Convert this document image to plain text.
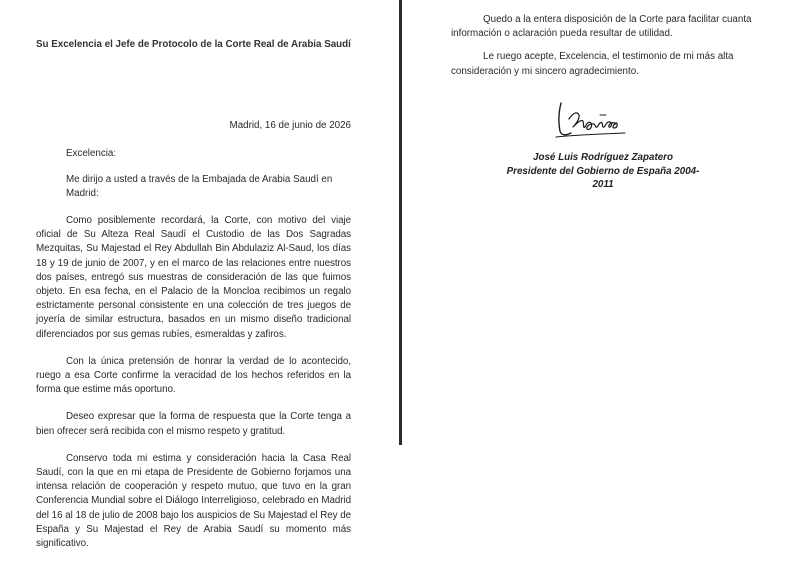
Su Excelencia el Jefe de Protocolo de la Corte Real de Arabia Saudí
Madrid, 16 de junio de 2026
Excelencia:
Me dirijo a usted a través de la Embajada de Arabia Saudí en Madrid:

Como posiblemente recordará, la Corte, con motivo del viaje oficial de Su Alteza Real Saudí el Custodio de las Dos Sagradas Mezquitas, Su Majestad el Rey Abdullah Bin Abdulaziz Al-Saud, los días 18 y 19 de junio de 2007, y en el marco de las relaciones entre nuestros dos países, entregó sus muestras de consideración de las que fuimos objeto. En esa fecha, en el Palacio de la Moncloa recibimos un regalo estrictamente personal consistente en una colección de tres juegos de joyería de similar estructura, basados en un mismo diseño tradicional diferenciados por sus gemas rubíes, esmeraldas y zafiros.

Con la única pretensión de honrar la verdad de lo acontecido, ruego a esa Corte confirme la veracidad de los hechos referidos en la forma que estime más oportuno.

Deseo expresar que la forma de respuesta que la Corte tenga a bien ofrecer será recibida con el mismo respeto y gratitud.

Conservo toda mi estima y consideración hacia la Casa Real Saudí, con la que en mi etapa de Presidente de Gobierno forjamos una intensa relación de cooperación y respeto mutuo, que tuvo en la gran Conferencia Mundial sobre el Diálogo Interreligioso, celebrado en Madrid del 16 al 18 de julio de 2008 bajo los auspicios de Su Majestad el Rey de España y Su Majestad el Rey de Arabia Saudí su momento más significativo.

Quedo a la entera disposición de la Corte para facilitar cuanta información o aclaración pueda resultar de utilidad.

Le ruego acepte, Excelencia, el testimonio de mi más alta consideración y mi sincero agradecimiento.

José Luis Rodríguez Zapatero
Presidente del Gobierno de España 2004-2011
